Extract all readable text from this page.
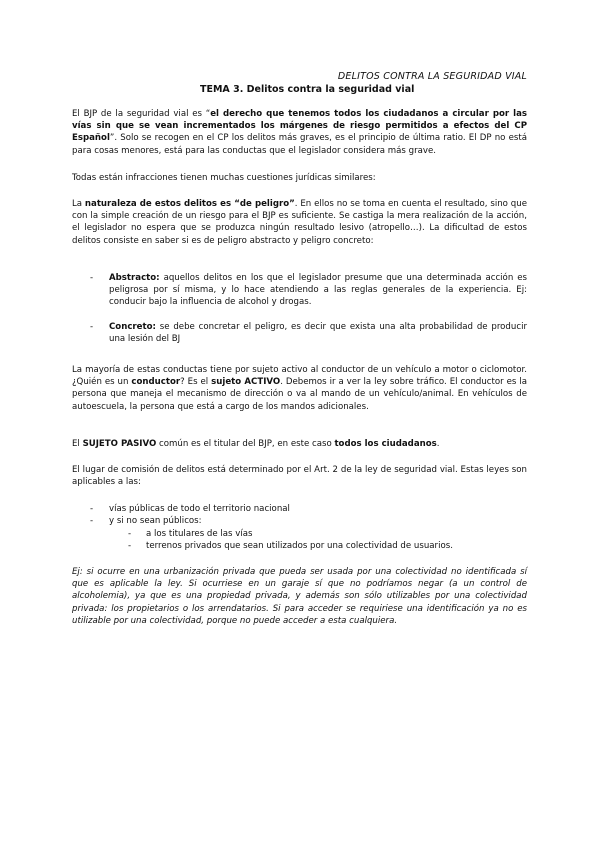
DELITOS CONTRA LA SEGURIDAD VIAL
TEMA 3. Delitos contra la seguridad vial

El BJP de la seguridad vial es “el derecho que tenemos todos los ciudadanos a circular por las vías sin que se vean incrementados los márgenes de riesgo permitidos a efectos del CP Español”. Solo se recogen en el CP los delitos más graves, es el principio de última ratio. El DP no está para cosas menores, está para las conductas que el legislador considera más grave.

Todas están infracciones tienen muchas cuestiones jurídicas similares:

La naturaleza de estos delitos es “de peligro”. En ellos no se toma en cuenta el resultado, sino que con la simple creación de un riesgo para el BJP es suficiente. Se castiga la mera realización de la acción, el legislador no espera que se produzca ningún resultado lesivo (atropello…). La dificultad de estos delitos consiste en saber si es de peligro abstracto y peligro concreto:

- Abstracto: aquellos delitos en los que el legislador presume que una determinada acción es peligrosa por sí misma, y lo hace atendiendo a las reglas generales de la experiencia. Ej: conducir bajo la influencia de alcohol y drogas.
- Concreto: se debe concretar el peligro, es decir que exista una alta probabilidad de producir una lesión del BJ

La mayoría de estas conductas tiene por sujeto activo al conductor de un vehículo a motor o ciclomotor. ¿Quién es un conductor? Es el sujeto ACTIVO. Debemos ir a ver la ley sobre tráfico. El conductor es la persona que maneja el mecanismo de dirección o va al mando de un vehículo/animal. En vehículos de autoescuela, la persona que está a cargo de los mandos adicionales.

El SUJETO PASIVO común es el titular del BJP, en este caso todos los ciudadanos.

El lugar de comisión de delitos está determinado por el Art. 2 de la ley de seguridad vial. Estas leyes son aplicables a las:

- vías públicas de todo el territorio nacional
- y si no sean públicos:
- a los titulares de las vías
- terrenos privados que sean utilizados por una colectividad de usuarios.

Ej: si ocurre en una urbanización privada que pueda ser usada por una colectividad no identificada sí que es aplicable la ley. Si ocurriese en un garaje sí que no podríamos negar (a un control de alcoholemia), ya que es una propiedad privada, y además son sólo utilizables por una colectividad privada: los propietarios o los arrendatarios. Si para acceder se requiriese una identificación ya no es utilizable por una colectividad, porque no puede acceder a esta cualquiera.
